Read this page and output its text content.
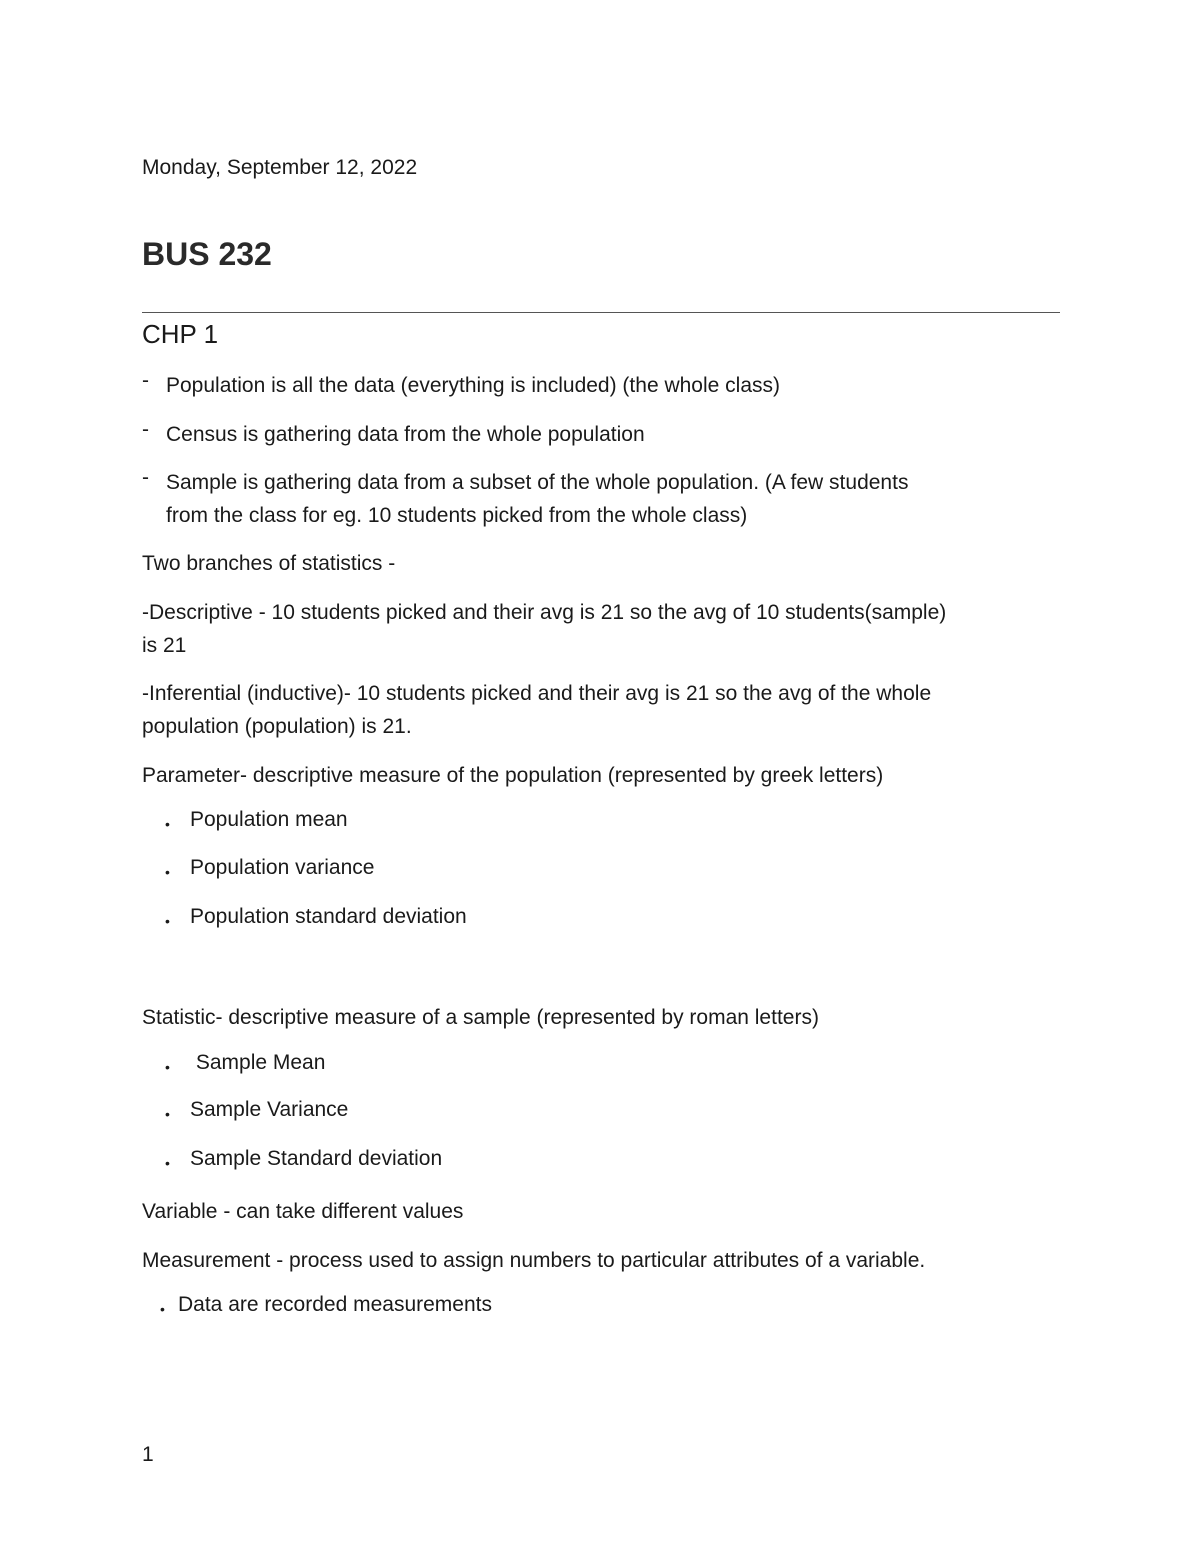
Monday, September 12, 2022
BUS 232
CHP 1
- Population is all the data (everything is included) (the whole class)
- Census is gathering data from the whole population
- Sample is gathering data from a subset of the whole population. (A few students
from the class for eg. 10 students picked from the whole class)
Two branches of statistics -
-Descriptive - 10 students picked and their avg is 21 so the avg of 10 students(sample)
is 21
-Inferential (inductive)- 10 students picked and their avg is 21 so the avg of the whole
population (population) is 21.
Parameter- descriptive measure of the population (represented by greek letters)
• Population mean
• Population variance
• Population standard deviation
Statistic- descriptive measure of a sample (represented by roman letters)
• Sample Mean
• Sample Variance
• Sample Standard deviation
Variable - can take different values
Measurement - process used to assign numbers to particular attributes of a variable.
• Data are recorded measurements
1
